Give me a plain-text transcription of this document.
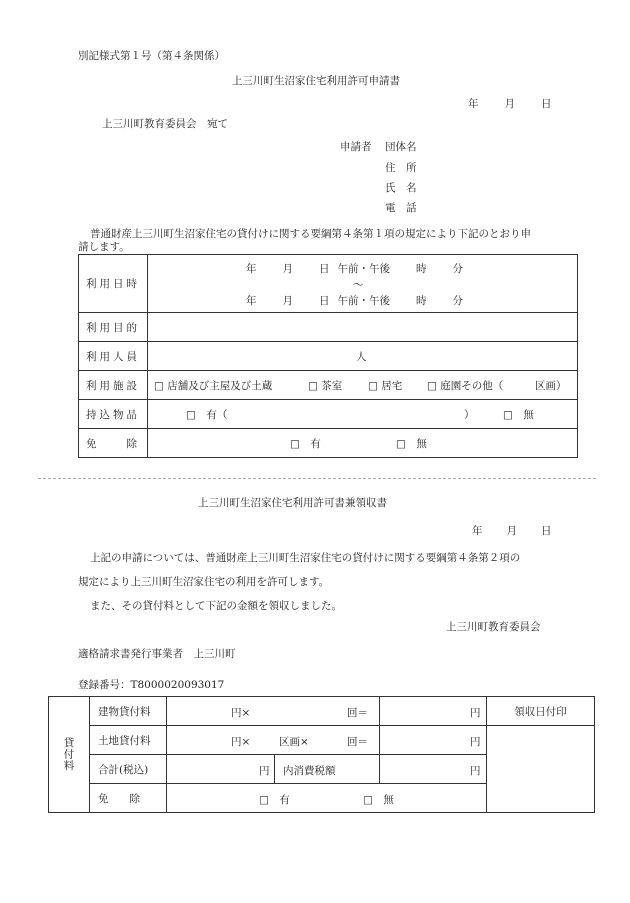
別記様式第１号（第４条関係）
上三川町生沼家住宅利用許可申請書
年 月 日
上三川町教育委員会　宛て
申請者 団体名
住　所
氏　名
電　話
普通財産上三川町生沼家住宅の貸付けに関する要綱第４条第１項の規定により下記のとおり申
請します。
利用日時	年 月 日 午前・午後 時 分
～
年 月 日 午前・午後 時 分

利用目的	
利用人員	人

利用施設	□ 店舗及び主屋及び土蔵 □ 茶室 □ 居宅 □ 庭園その他（ 区画）

持込物品	□　有（ ） □　無

免　　除	□　有 □　無
上三川町生沼家住宅利用許可書兼領収書
年 月 日
上記の申請については、普通財産上三川町生沼家住宅の貸付けに関する要綱第４条第２項の
規定により上三川町生沼家住宅の利用を許可します。
また、その貸付料として下記の金額を領収しました。
上三川町教育委員会
適格請求書発行事業者　上三川町
登録番号：T8000020093017
貸付料	建物貸付料	円× 回＝	円	領収日付印
	土地貸付料	円× 区画× 回＝	円	

	合計(税込)	円 内消費税額	円	

	免　　除	□　有 □　無		
